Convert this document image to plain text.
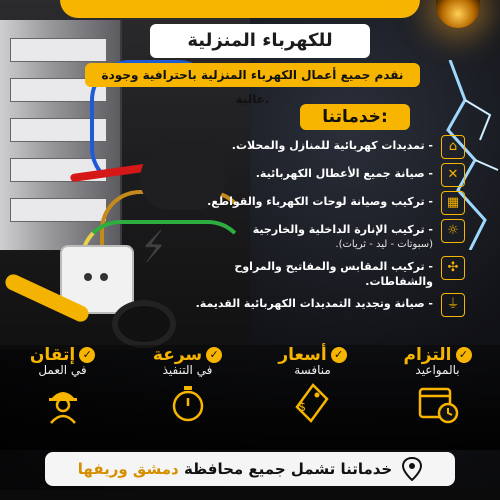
للكهرباء المنزلية
نقدم جميع أعمال الكهرباء المنزلية باحترافية وجودة عالية.
خدماتنا:
⌂
- تمديدات كهربائية للمنازل والمحلات.
✕
- صيانة جميع الأعطال الكهربائية.
▦
- تركيب وصيانة لوحات الكهرباء والقواطع.
☼
- تركيب الإنارة الداخلية والخارجية
(سبوتات - ليد - ثريات).
✣
- تركيب المقابس والمفاتيح والمراوح والشفاطات.
⏚
- صيانة وتجديد التمديدات الكهربائية القديمة.
⚡
✓
التزام
بالمواعيد
✓
أسعار
منافسة
$
✓
سرعة
في التنفيذ
✓
إتقان
في العمل
خدماتنا تشمل جميع محافظة دمشق وريفها
